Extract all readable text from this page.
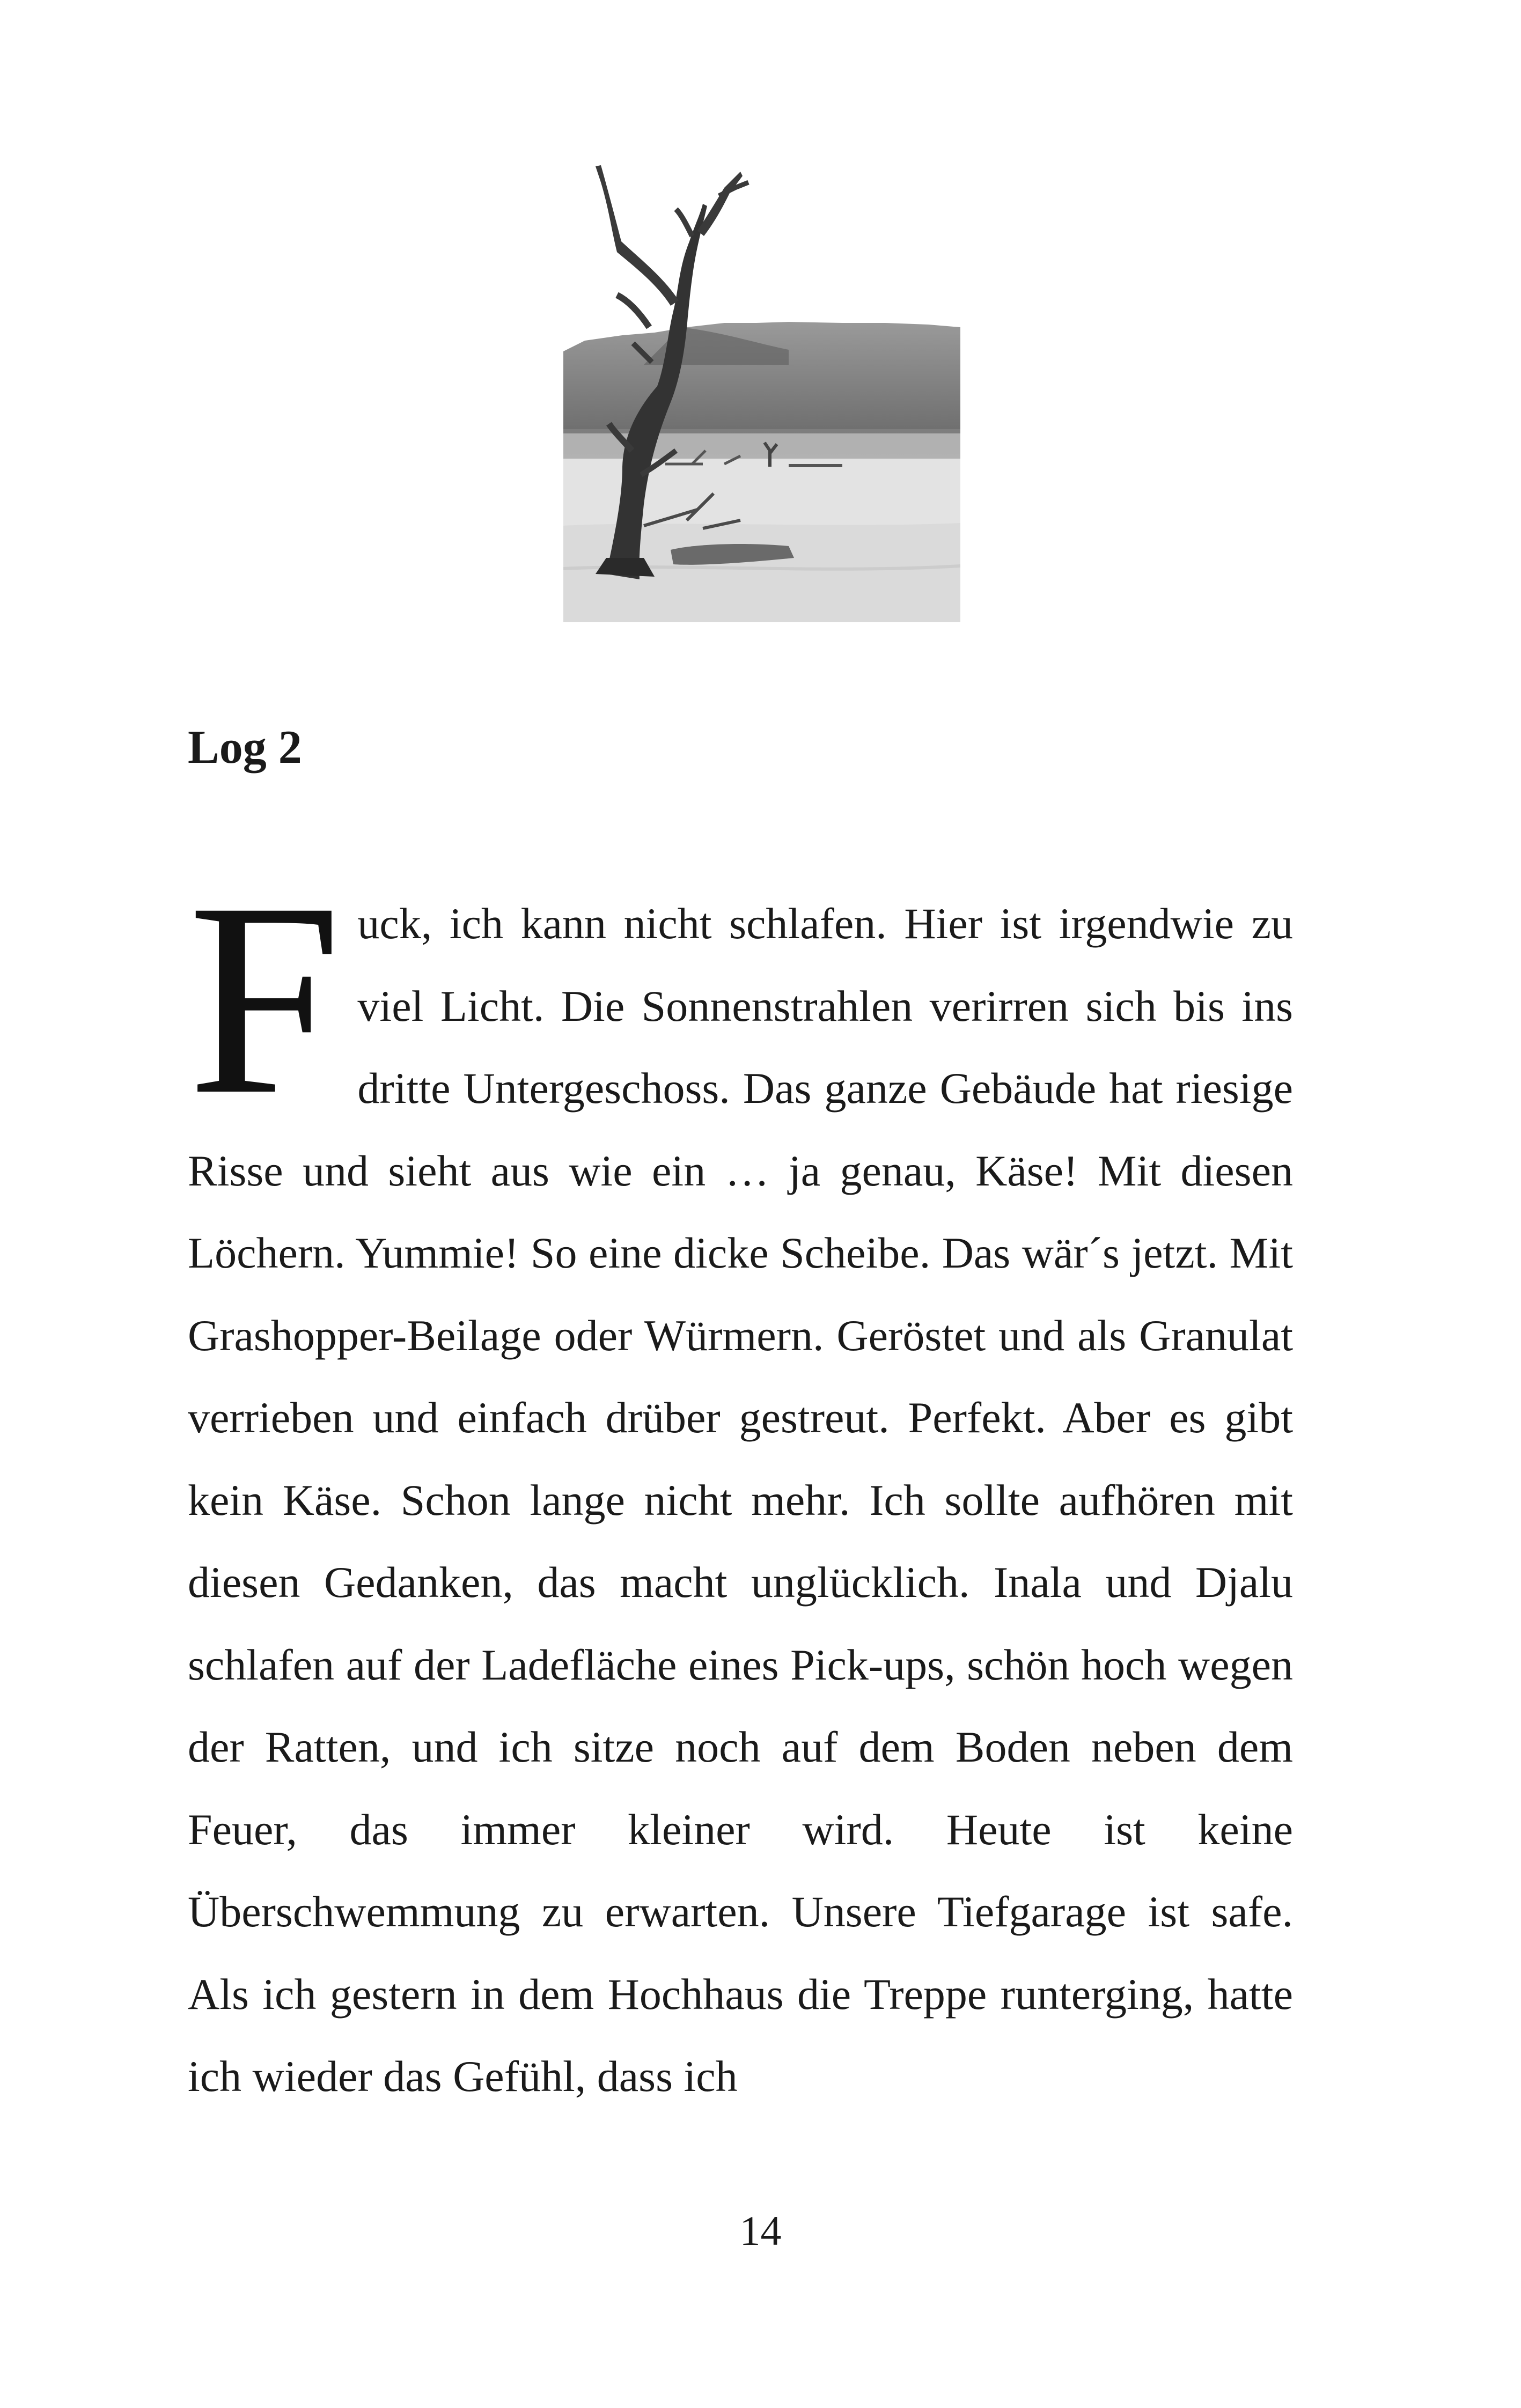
Log 2
Fuck, ich kann nicht schlafen. Hier ist irgendwie zu viel Licht. Die Sonnenstrahlen verirren sich bis ins dritte Untergeschoss. Das ganze Gebäude hat riesige Risse und sieht aus wie ein … ja genau, Käse! Mit diesen Löchern. Yummie! So eine dicke Scheibe. Das wär´s jetzt. Mit Grashopper-Beilage oder Würmern. Geröstet und als Granulat verrieben und einfach drüber gestreut. Perfekt. Aber es gibt kein Käse. Schon lange nicht mehr. Ich sollte aufhören mit diesen Gedanken, das macht unglücklich. Inala und Djalu schlafen auf der Ladefläche eines Pick-ups, schön hoch wegen der Ratten, und ich sitze noch auf dem Boden neben dem Feuer, das immer kleiner wird. Heute ist keine Überschwemmung zu erwarten. Unsere Tiefgarage ist safe. Als ich gestern in dem Hochhaus die Treppe runterging, hatte ich wieder das Gefühl, dass ich
14
